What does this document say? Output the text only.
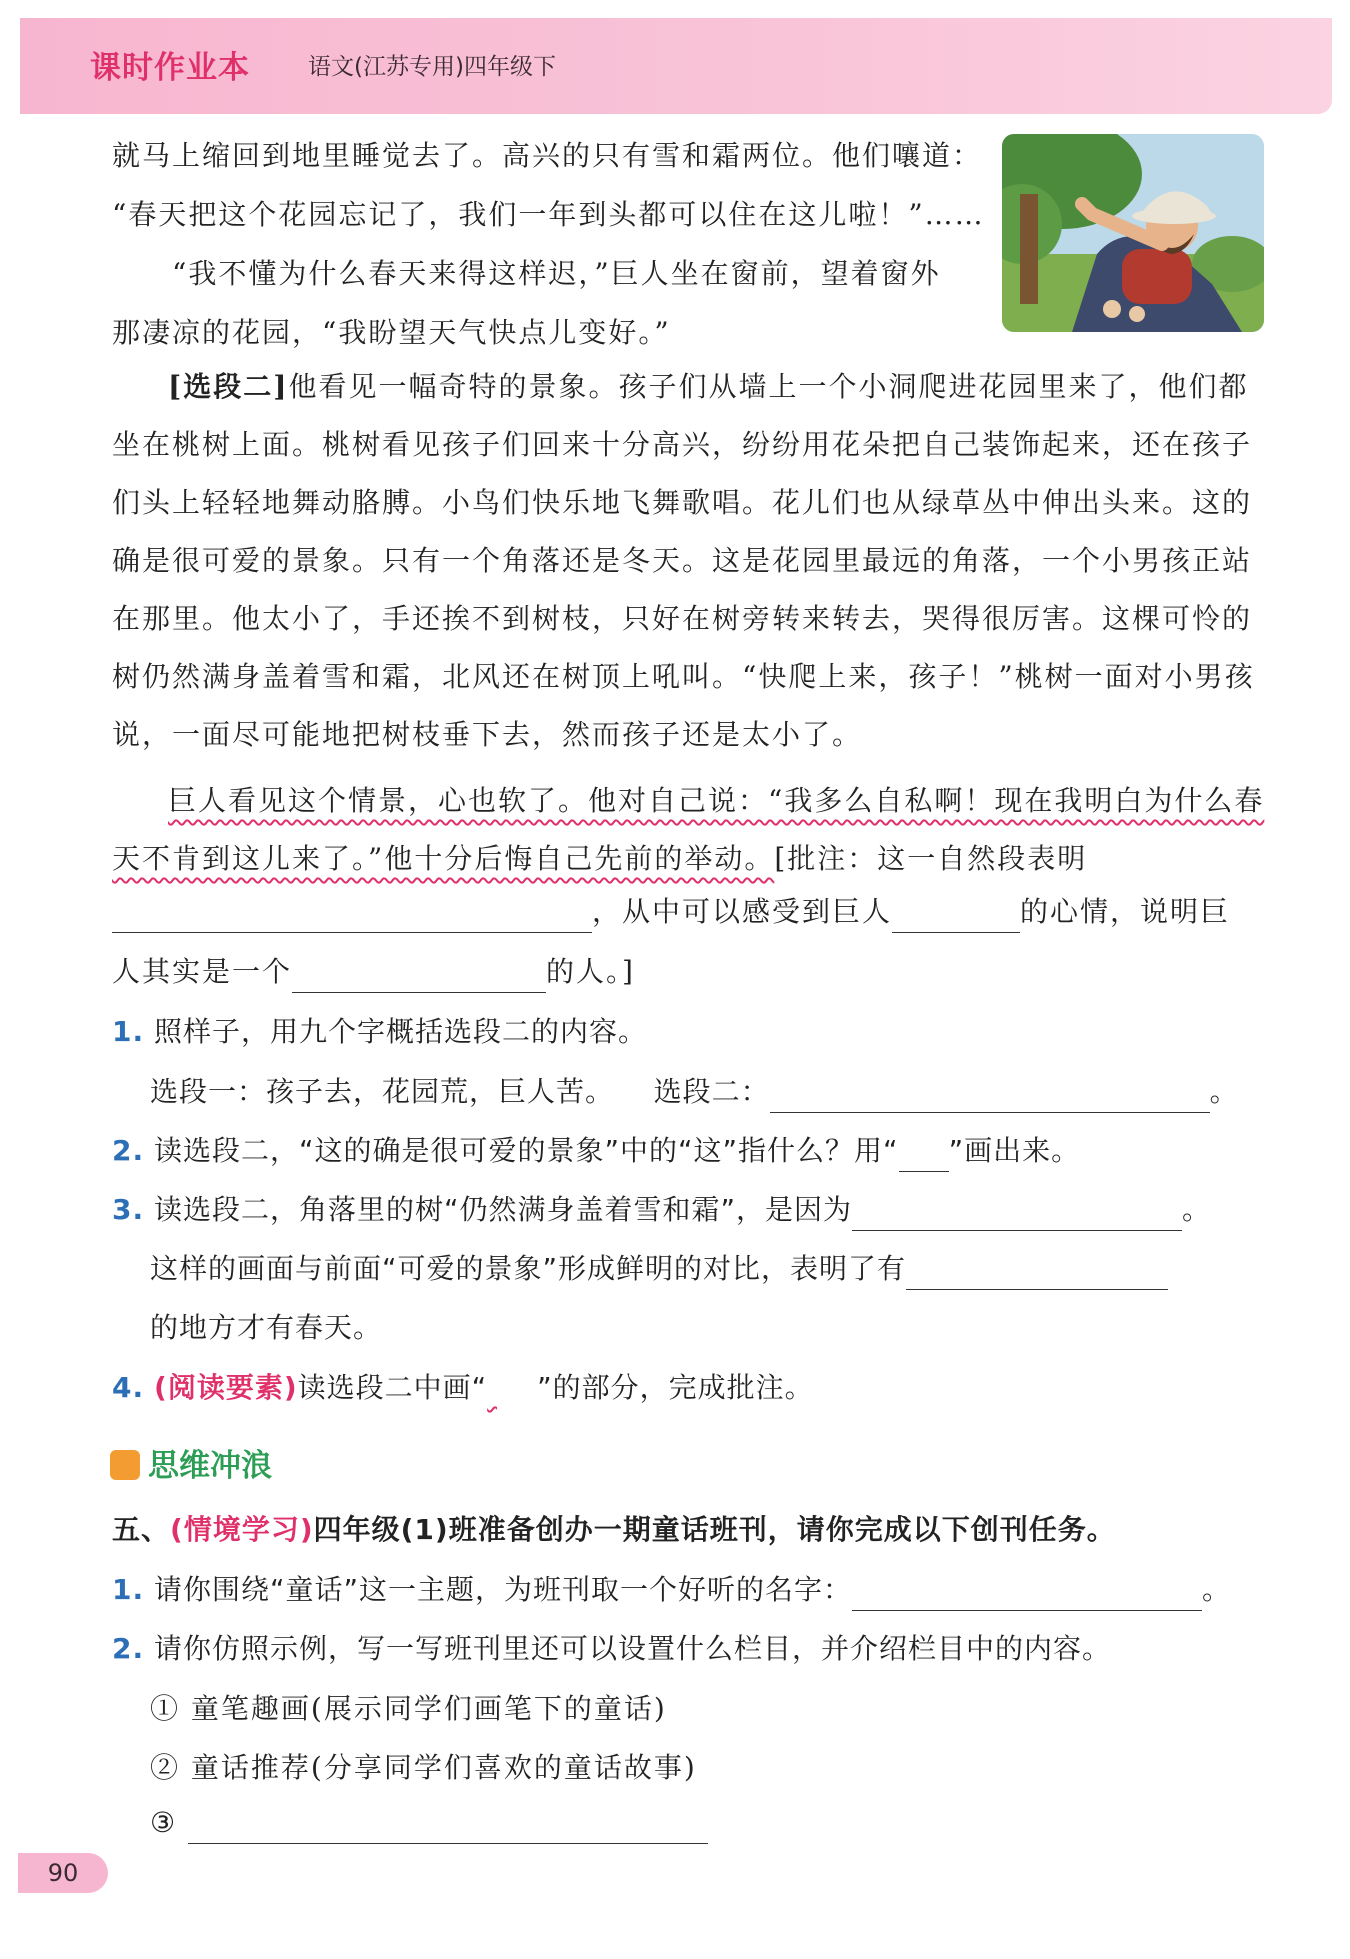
课时作业本	语文(江苏专用)四年级下
就马上缩回到地里睡觉去了。高兴的只有雪和霜两位。他们嚷道：
“春天把这个花园忘记了，我们一年到头都可以住在这儿啦！”……
“我不懂为什么春天来得这样迟，”巨人坐在窗前，望着窗外
那凄凉的花园，“我盼望天气快点儿变好。”
[选段二]他看见一幅奇特的景象。孩子们从墙上一个小洞爬进花园里来了，他们都坐在桃树上面。桃树看见孩子们回来十分高兴，纷纷用花朵把自己装饰起来，还在孩子们头上轻轻地舞动胳膊。小鸟们快乐地飞舞歌唱。花儿们也从绿草丛中伸出头来。这的确是很可爱的景象。只有一个角落还是冬天。这是花园里最远的角落，一个小男孩正站在那里。他太小了，手还挨不到树枝，只好在树旁转来转去，哭得很厉害。这棵可怜的树仍然满身盖着雪和霜，北风还在树顶上吼叫。“快爬上来，孩子！”桃树一面对小男孩说，一面尽可能地把树枝垂下去，然而孩子还是太小了。
巨人看见这个情景，心也软了。他对自己说：“我多么自私啊！现在我明白为什么春天不肯到这儿来了。”他十分后悔自己先前的举动。[批注：这一自然段表明
，从中可以感受到巨人	的心情，说明巨
人其实是一个	的人。]
1. 照样子，用九个字概括选段二的内容。
选段一：孩子去，花园荒，巨人苦。 选段二：	。
2. 读选段二，“这的确是很可爱的景象”中的“这”指什么？用“ ”画出来。
3. 读选段二，角落里的树“仍然满身盖着雪和霜”，是因为	。
这样的画面与前面“可爱的景象”形成鲜明的对比，表明了有
的地方才有春天。
4. (阅读要素)读选段二中画“ ”的部分，完成批注。
思维冲浪
五、(情境学习)四年级(1)班准备创办一期童话班刊，请你完成以下创刊任务。
1. 请你围绕“童话”这一主题，为班刊取一个好听的名字：	。
2. 请你仿照示例，写一写班刊里还可以设置什么栏目，并介绍栏目中的内容。
① 童笔趣画(展示同学们画笔下的童话)
② 童话推荐(分享同学们喜欢的童话故事)
③
90
